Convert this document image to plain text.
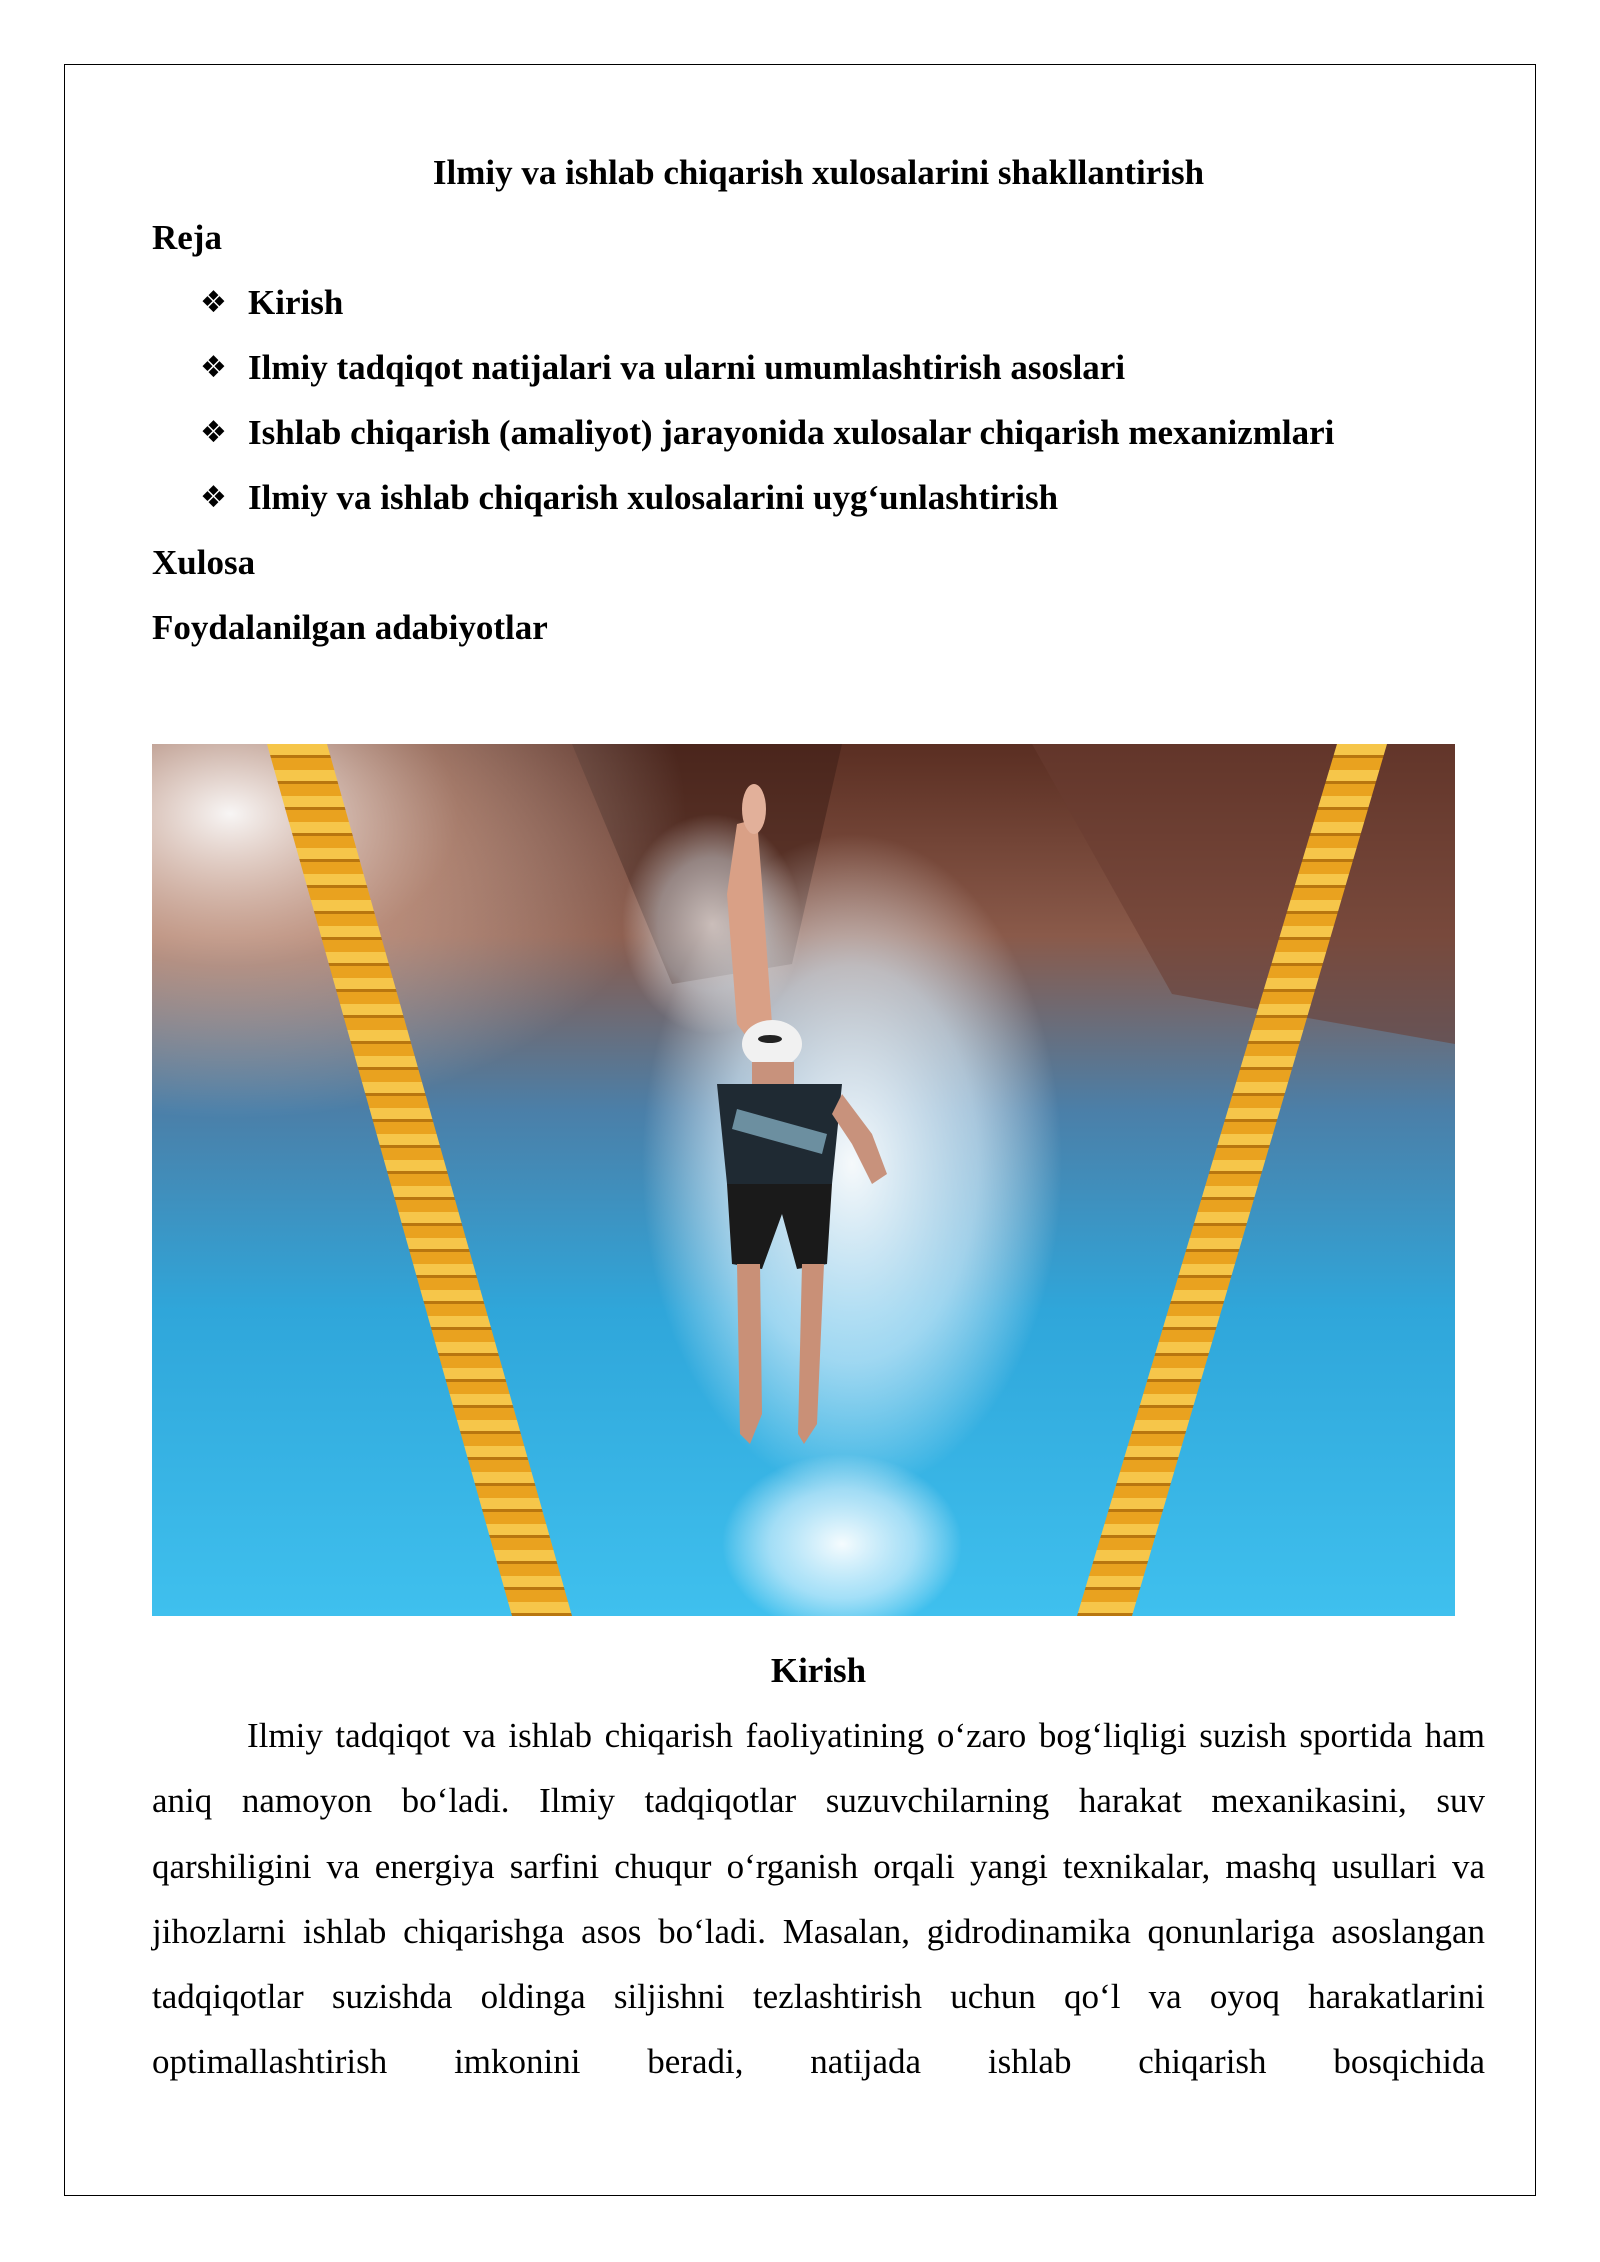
Ilmiy va ishlab chiqarish xulosalarini shakllantirish

Reja

❖ Kirish
❖ Ilmiy tadqiqot natijalari va ularni umumlashtirish asoslari
❖ Ishlab chiqarish (amaliyot) jarayonida xulosalar chiqarish mexanizmlari
❖ Ilmiy va ishlab chiqarish xulosalarini uyg‘unlashtirish

Xulosa

Foydalanilgan adabiyotlar

Kirish

Ilmiy tadqiqot va ishlab chiqarish faoliyatining o‘zaro bog‘liqligi suzish sportida ham aniq namoyon bo‘ladi. Ilmiy tadqiqotlar suzuvchilarning harakat mexanikasini, suv qarshiligini va energiya sarfini chuqur o‘rganish orqali yangi texnikalar, mashq usullari va jihozlarni ishlab chiqarishga asos bo‘ladi. Masalan, gidrodinamika qonunlariga asoslangan tadqiqotlar suzishda oldinga siljishni tezlashtirish uchun qo‘l va oyoq harakatlarini optimallashtirish imkonini beradi, natijada ishlab chiqarish bosqichida
